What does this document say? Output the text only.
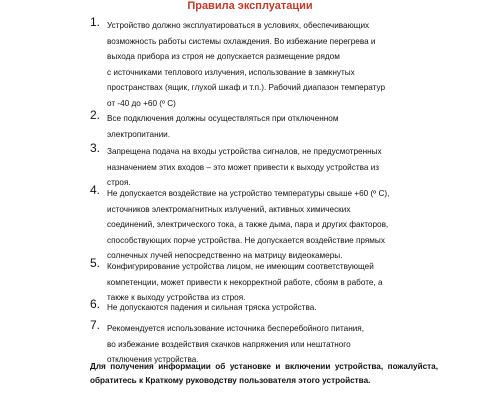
Правила эксплуатации
1. Устройство должно эксплуатироваться в условиях, обеспечивающих
возможность работы системы охлаждения. Во избежание перегрева и
выхода прибора из строя не допускается размещение рядом
с источниками теплового излучения, использование в замкнутых
пространствах (ящик, глухой шкаф и т.п.). Рабочий диапазон температур
от -40 до +60 (º С)
2. Все подключения должны осуществляться при отключенном
электропитании.
3. Запрещена подача на входы устройства сигналов, не предусмотренных
назначением этих входов – это может привести к выходу устройства из
строя.
4. Не допускается воздействие на устройство температуры свыше +60 (º С),
источников электромагнитных излучений, активных химических
соединений, электрического тока, а также дыма, пара и других факторов,
способствующих порче устройства. Не допускается воздействие прямых
солнечных лучей непосредственно на матрицу видеокамеры.
5. Конфигурирование устройства лицом, не имеющим соответствующей
компетенции, может привести к некорректной работе, сбоям в работе, а
также к выходу устройства из строя.
6. Не допускаются падения и сильная тряска устройства.
7. Рекомендуется использование источника бесперебойного питания,
во избежание воздействия скачков напряжения или нештатного
отключения устройства.
Для получения информации об установке и включении устройства, пожалуйста, обратитесь к Краткому руководству пользователя этого устройства.
